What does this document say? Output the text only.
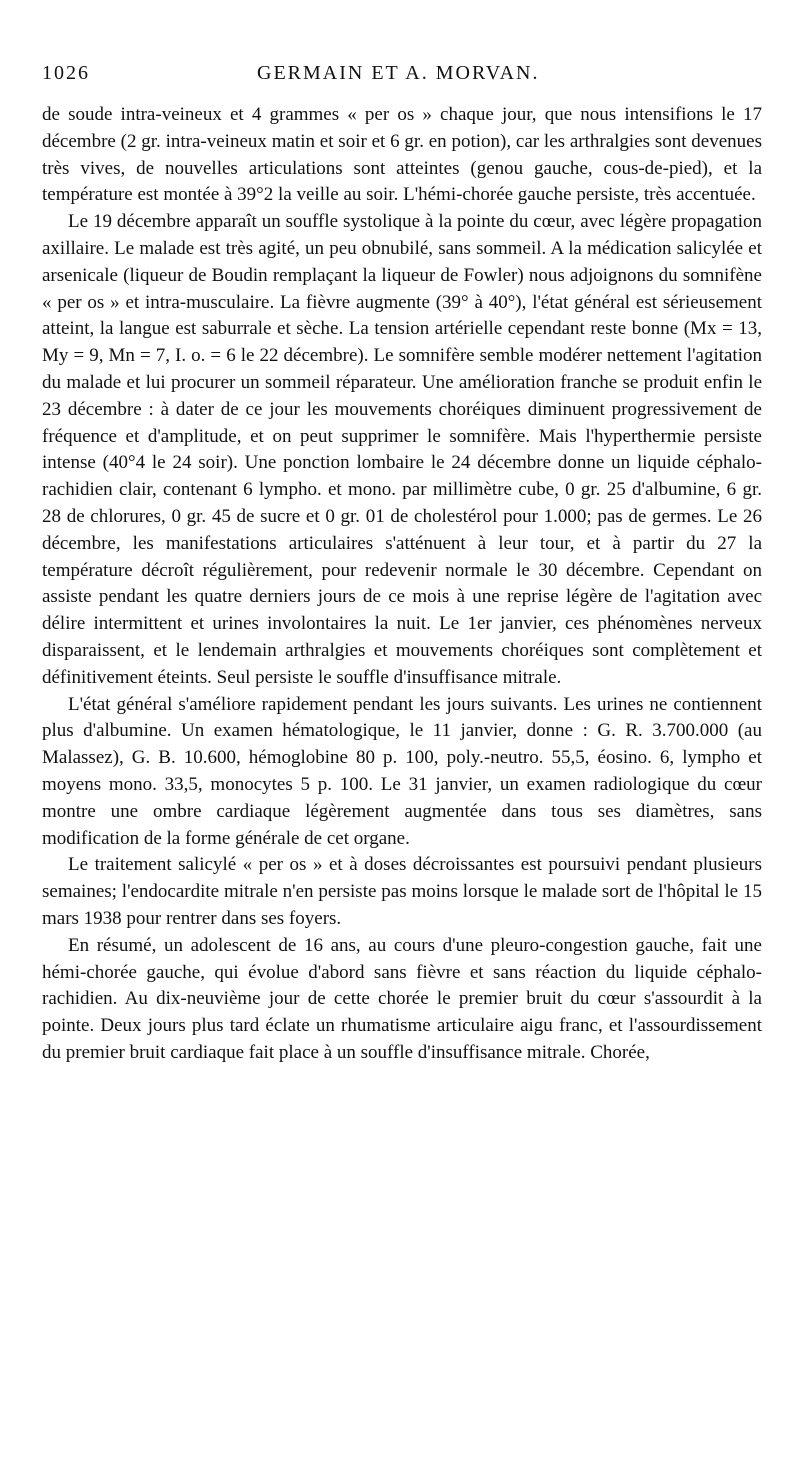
1026	GERMAIN ET A. MORVAN.

de soude intra-veineux et 4 grammes « per os » chaque jour, que nous intensifions le 17 décembre (2 gr. intra-veineux matin et soir et 6 gr. en potion), car les arthralgies sont devenues très vives, de nouvelles articulations sont atteintes (genou gauche, cous-de-pied), et la température est montée à 39°2 la veille au soir. L'hémi-chorée gauche persiste, très accentuée.

Le 19 décembre apparaît un souffle systolique à la pointe du cœur, avec légère propagation axillaire. Le malade est très agité, un peu obnubilé, sans sommeil. A la médication salicylée et arsenicale (liqueur de Boudin remplaçant la liqueur de Fowler) nous adjoignons du somnifène « per os » et intra-musculaire. La fièvre augmente (39° à 40°), l'état général est sérieusement atteint, la langue est saburrale et sèche. La tension artérielle cependant reste bonne (Mx = 13, My = 9, Mn = 7, I. o. = 6 le 22 décembre). Le somnifère semble modérer nettement l'agitation du malade et lui procurer un sommeil réparateur. Une amélioration franche se produit enfin le 23 décembre : à dater de ce jour les mouvements choréiques diminuent progressivement de fréquence et d'amplitude, et on peut supprimer le somnifère. Mais l'hyperthermie persiste intense (40°4 le 24 soir). Une ponction lombaire le 24 décembre donne un liquide céphalo-rachidien clair, contenant 6 lympho. et mono. par millimètre cube, 0 gr. 25 d'albumine, 6 gr. 28 de chlorures, 0 gr. 45 de sucre et 0 gr. 01 de cholestérol pour 1.000; pas de germes. Le 26 décembre, les manifestations articulaires s'atténuent à leur tour, et à partir du 27 la température décroît régulièrement, pour redevenir normale le 30 décembre. Cependant on assiste pendant les quatre derniers jours de ce mois à une reprise légère de l'agitation avec délire intermittent et urines involontaires la nuit. Le 1er janvier, ces phénomènes nerveux disparaissent, et le lendemain arthralgies et mouvements choréiques sont complètement et définitivement éteints. Seul persiste le souffle d'insuffisance mitrale.

L'état général s'améliore rapidement pendant les jours suivants. Les urines ne contiennent plus d'albumine. Un examen hématologique, le 11 janvier, donne : G. R. 3.700.000 (au Malassez), G. B. 10.600, hémoglobine 80 p. 100, poly.-neutro. 55,5, éosino. 6, lympho et moyens mono. 33,5, monocytes 5 p. 100. Le 31 janvier, un examen radiologique du cœur montre une ombre cardiaque légèrement augmentée dans tous ses diamètres, sans modification de la forme générale de cet organe.

Le traitement salicylé « per os » et à doses décroissantes est poursuivi pendant plusieurs semaines; l'endocardite mitrale n'en persiste pas moins lorsque le malade sort de l'hôpital le 15 mars 1938 pour rentrer dans ses foyers.

En résumé, un adolescent de 16 ans, au cours d'une pleuro-congestion gauche, fait une hémi-chorée gauche, qui évolue d'abord sans fièvre et sans réaction du liquide céphalo-rachidien. Au dix-neuvième jour de cette chorée le premier bruit du cœur s'assourdit à la pointe. Deux jours plus tard éclate un rhumatisme articulaire aigu franc, et l'assourdissement du premier bruit cardiaque fait place à un souffle d'insuffisance mitrale. Chorée,
